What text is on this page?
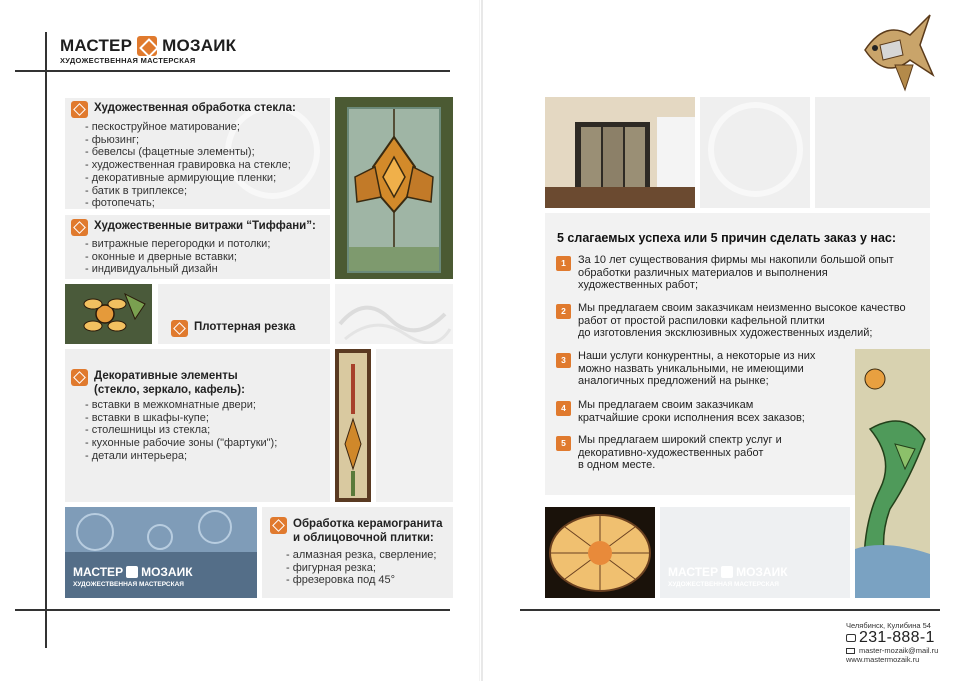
МАСТЕР МОЗАИК
ХУДОЖЕСТВЕННАЯ МАСТЕРСКАЯ
Художественная обработка стекла:
- пескоструйное матирование;
- фьюзинг;
- бевелсы (фацетные элементы);
- художественная гравировка на стекле;
- декоративные армирующие пленки;
- батик в триплексе;
- фотопечать;
Художественные витражи “Тиффани”:
- витражные перегородки и потолки;
- оконные и дверные вставки;
- индивидуальный дизайн
Плоттерная резка
Декоративные элементы
(стекло, зеркало, кафель):
- вставки в межкомнатные двери;
- вставки в шкафы-купе;
- столешницы из стекла;
- кухонные рабочие зоны ("фартуки");
- детали интерьера;
МАСТЕР МОЗАИК
ХУДОЖЕСТВЕННАЯ МАСТЕРСКАЯ
Обработка керамогранита
и облицовочной плитки:
- алмазная резка, сверление;
- фигурная резка;
- фрезеровка под 45°
5 слагаемых успеха или 5 причин сделать заказ у нас:
1	За 10 лет существования фирмы мы накопили большой опыт
обработки различных материалов и выполнения
художественных работ;
2	Мы предлагаем своим заказчикам неизменно высокое качество
работ от простой распиловки кафельной плитки
до изготовления эксклюзивных художественных изделий;
3	Наши услуги конкурентны, а некоторые из них
можно назвать уникальными, не имеющими
аналогичных предложений на рынке;
4	Мы предлагаем своим заказчикам
кратчайшие сроки исполнения всех заказов;
5	Мы предлагаем широкий спектр услуг и
декоративно-художественных работ
в одном месте.
МАСТЕР МОЗАИК
ХУДОЖЕСТВЕННАЯ МАСТЕРСКАЯ
Челябинск, Кулибина 54
231-888-1
master-mozaik@mail.ru
www.mastermozaik.ru
